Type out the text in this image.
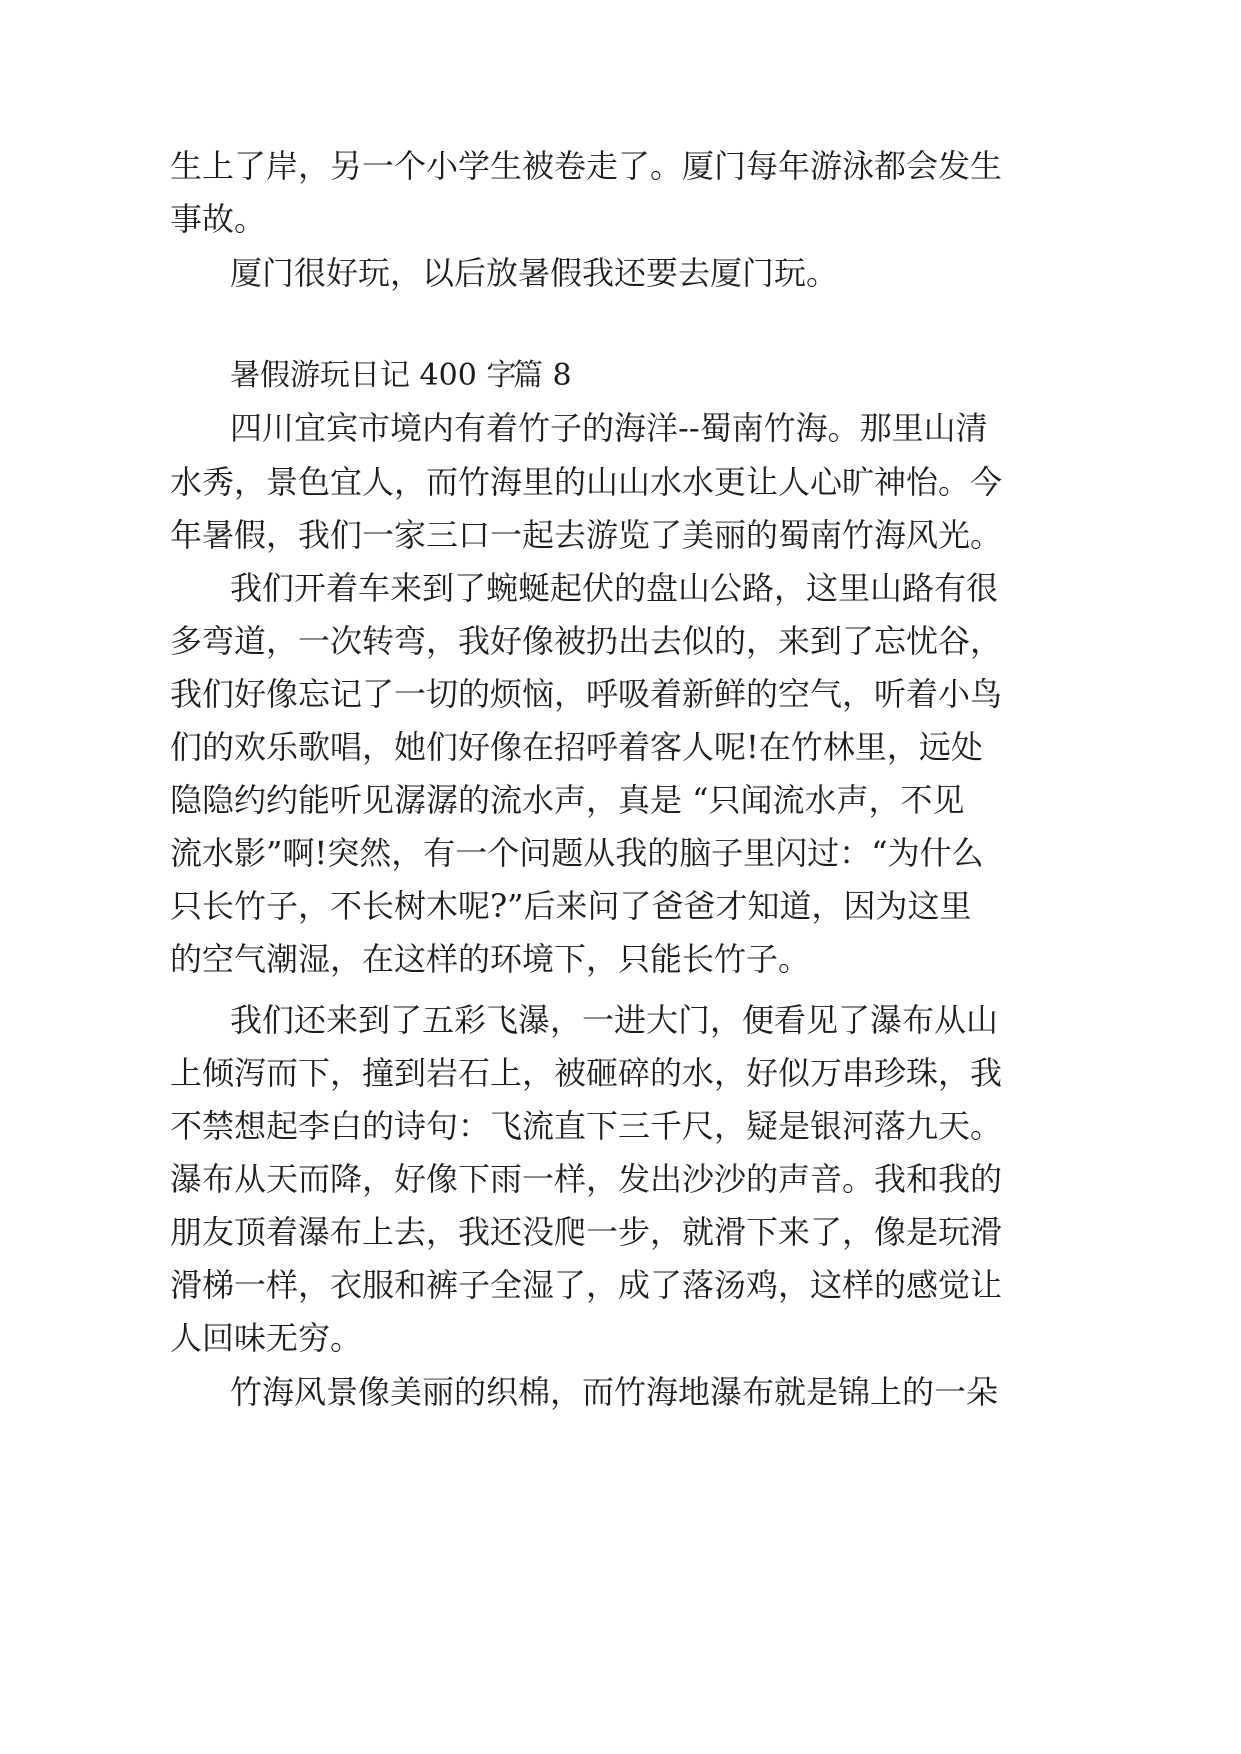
生上了岸，另一个小学生被卷走了。厦门每年游泳都会发生
事故。
厦门很好玩，以后放暑假我还要去厦门玩。
暑假游玩日记 400 字
篇 8
四川宜宾市境内有着竹子的海洋--蜀南竹海。那里山清
水秀，景色宜人，而竹海里的山山水水更让人心旷神怡。今
年暑假，我们一家三口一起去游览了美丽的蜀南竹海风光。
我们开着车来到了蜿蜒起伏的盘山公路，这里山路有很
多弯道，一次转弯，我好像被扔出去似的，来到了忘忧谷，
我们好像忘记了一切的烦恼，呼吸着新鲜的空气，听着小鸟
们的欢乐歌唱，她们好像在招呼着客人呢!在竹林里，远处
隐隐约约能听见潺潺的流水声，真是 “只闻流水声，不见
流水影”啊!突然，有一个问题从我的脑子里闪过：“为什么
只长竹子，不长树木呢?”后来问了爸爸才知道，因为这里
的空气潮湿，在这样的环境下，只能长竹子。
我们还来到了五彩飞瀑，一进大门，便看见了瀑布从山
上倾泻而下，撞到岩石上，被砸碎的水，好似万串珍珠，我
不禁想起李白的诗句：飞流直下三千尺，疑是银河落九天。
瀑布从天而降，好像下雨一样，发出沙沙的声音。我和我的
朋友顶着瀑布上去，我还没爬一步，就滑下来了，像是玩滑
滑梯一样，衣服和裤子全湿了，成了落汤鸡，这样的感觉让
人回味无穷。
竹海风景像美丽的织棉，而竹海地瀑布就是锦上的一朵
